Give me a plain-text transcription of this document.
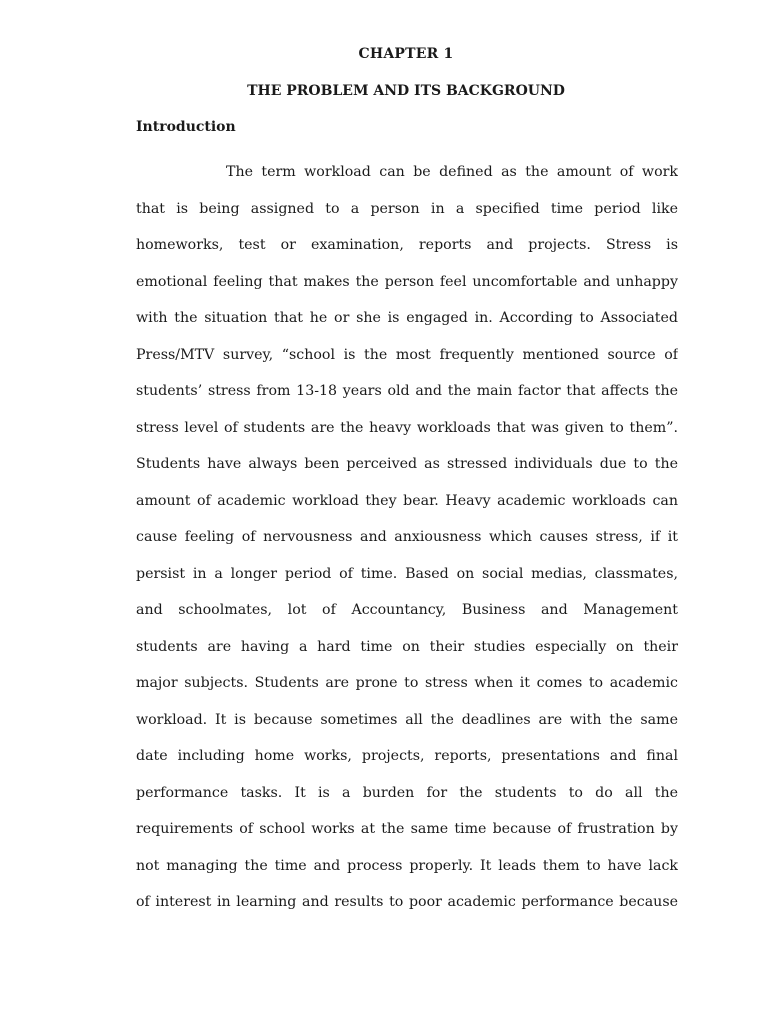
CHAPTER 1
THE PROBLEM AND ITS BACKGROUND
Introduction
The term workload can be defined as the amount of work
that is being assigned to a person in a specified time period like
homeworks, test or examination, reports and projects. Stress is
emotional feeling that makes the person feel uncomfortable and unhappy
with the situation that he or she is engaged in. According to Associated
Press/MTV survey, “school is the most frequently mentioned source of
students’ stress from 13-18 years old and the main factor that affects the
stress level of students are the heavy workloads that was given to them”.
Students have always been perceived as stressed individuals due to the
amount of academic workload they bear. Heavy academic workloads can
cause feeling of nervousness and anxiousness which causes stress, if it
persist in a longer period of time. Based on social medias, classmates,
and schoolmates, lot of Accountancy, Business and Management
students are having a hard time on their studies especially on their
major subjects. Students are prone to stress when it comes to academic
workload. It is because sometimes all the deadlines are with the same
date including home works, projects, reports, presentations and final
performance tasks. It is a burden for the students to do all the
requirements of school works at the same time because of frustration by
not managing the time and process properly. It leads them to have lack
of interest in learning and results to poor academic performance because
